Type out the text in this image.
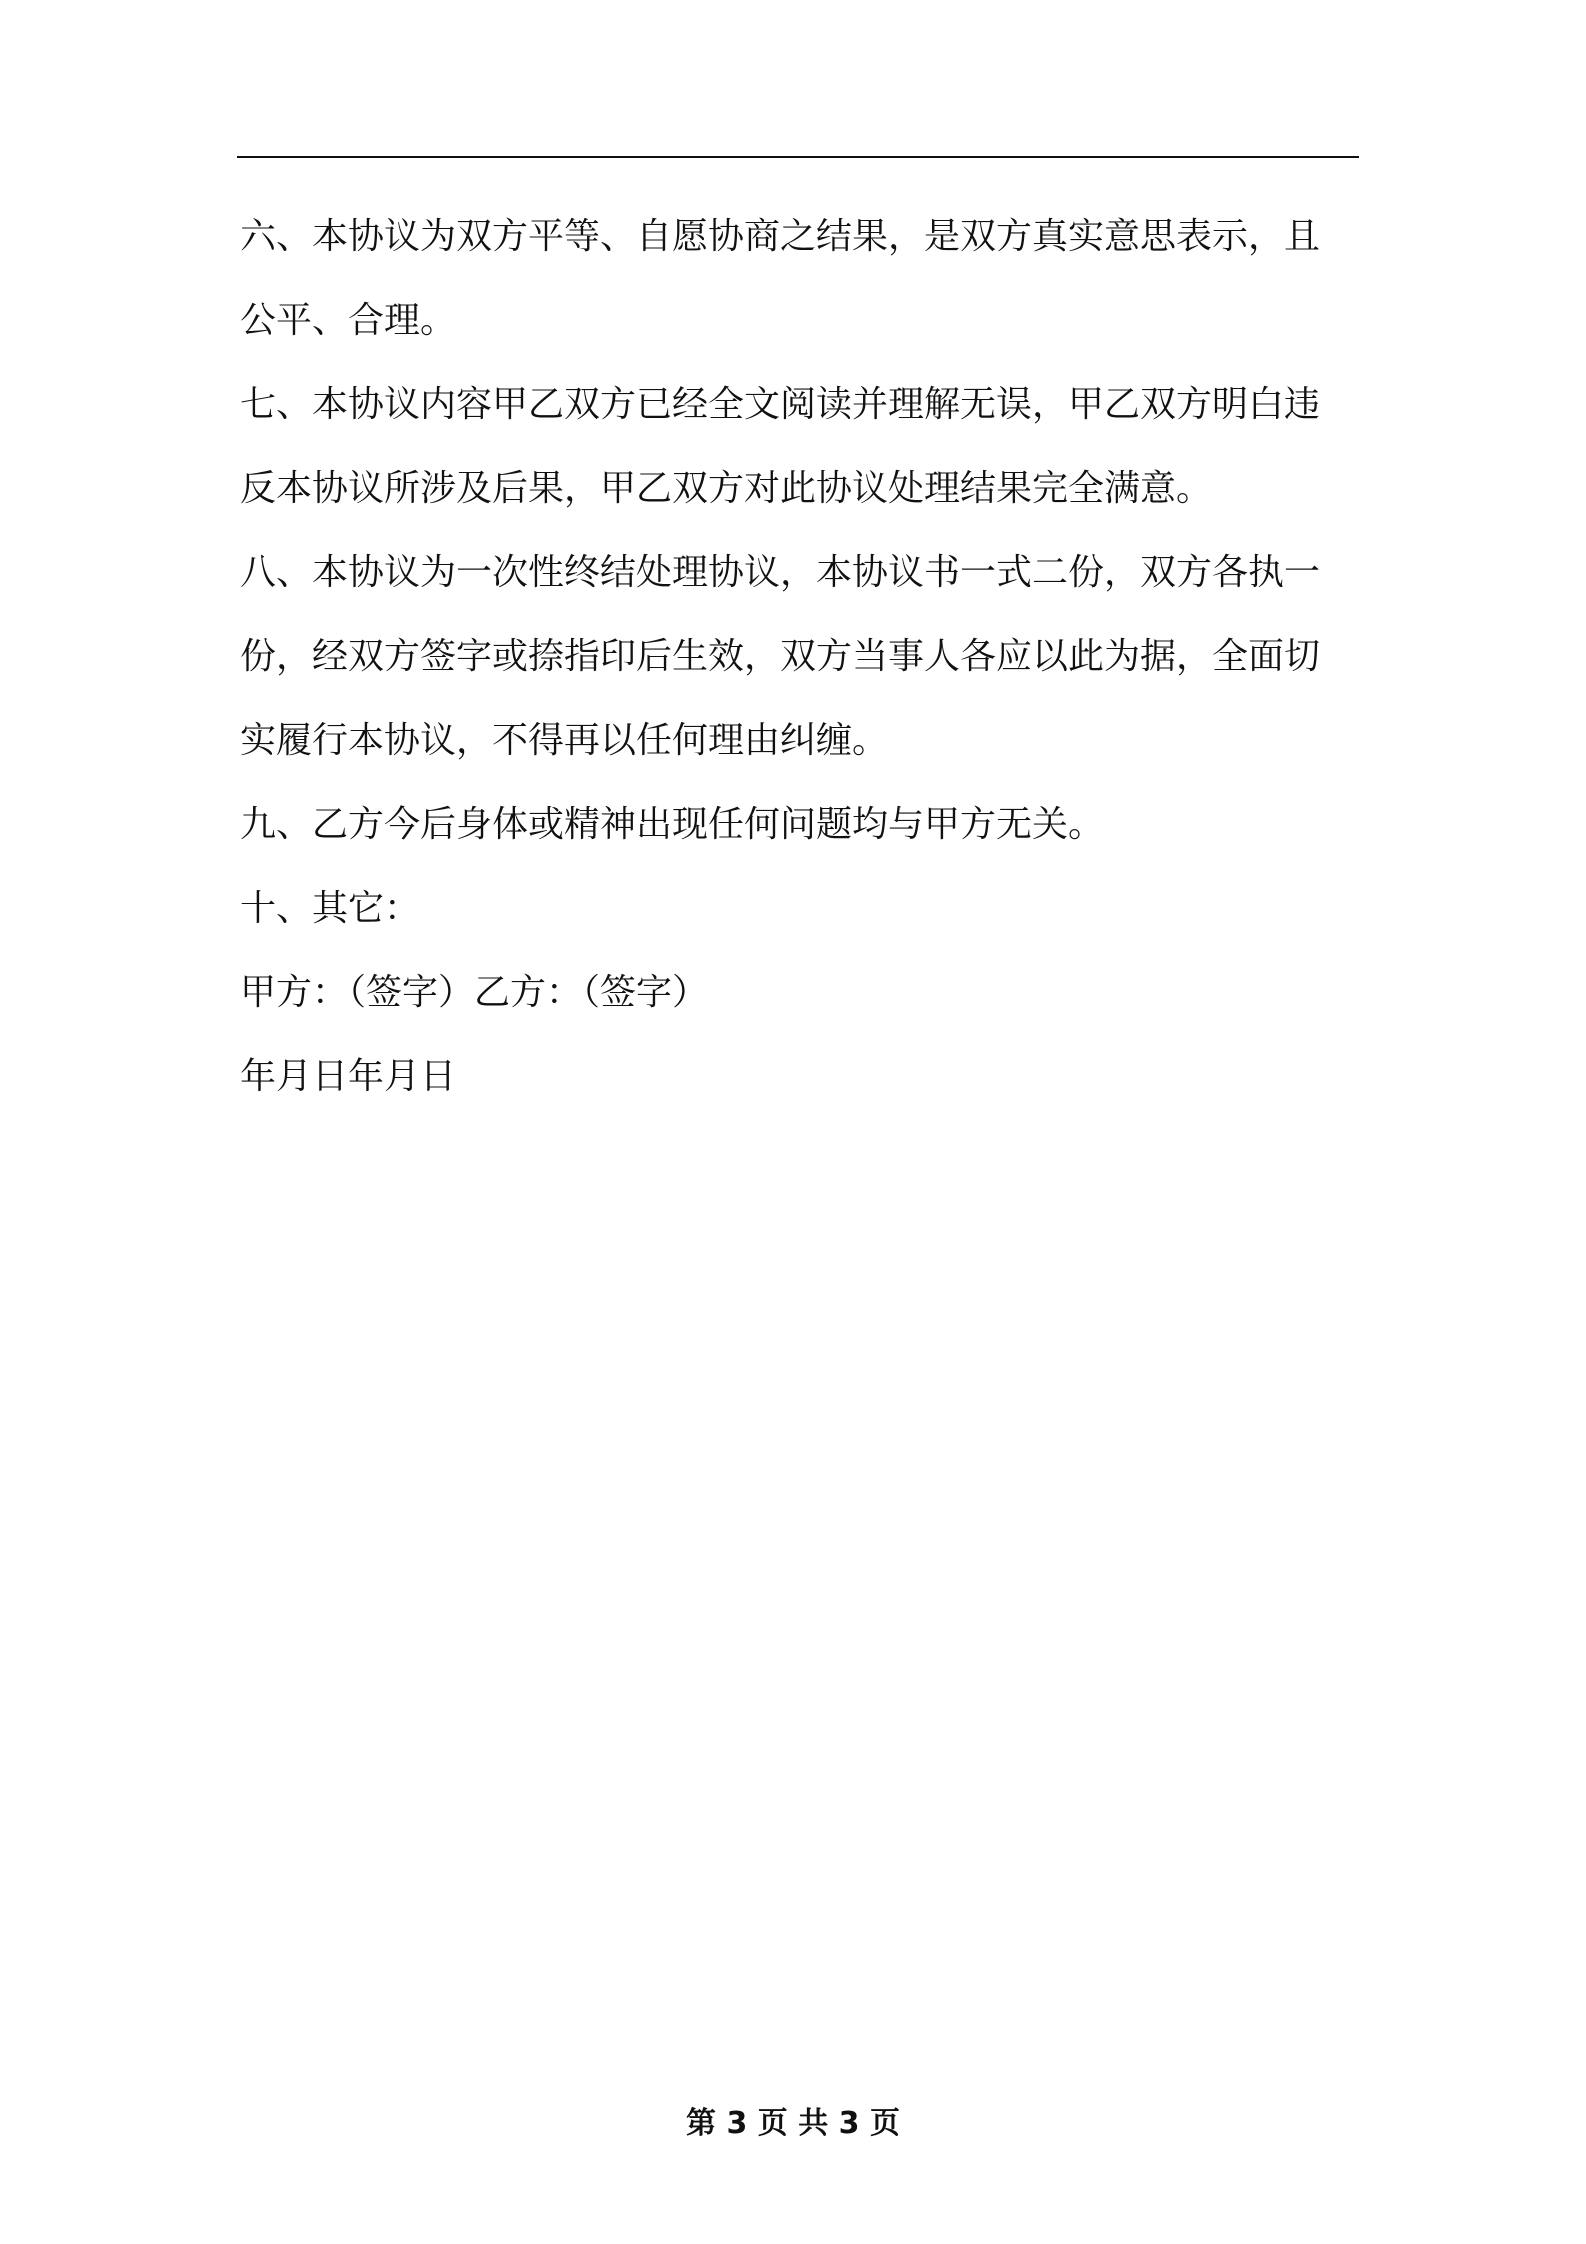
六、本协议为双方平等、自愿协商之结果，是双方真实意思表示，且

公平、合理。

七、本协议内容甲乙双方已经全文阅读并理解无误，甲乙双方明白违

反本协议所涉及后果，甲乙双方对此协议处理结果完全满意。

八、本协议为一次性终结处理协议，本协议书一式二份，双方各执一

份，经双方签字或捺指印后生效，双方当事人各应以此为据，全面切

实履行本协议，不得再以任何理由纠缠。

九、乙方今后身体或精神出现任何问题均与甲方无关。

十、其它：

甲方：（签字）乙方：（签字）

年月日年月日

第 3 页 共 3 页
